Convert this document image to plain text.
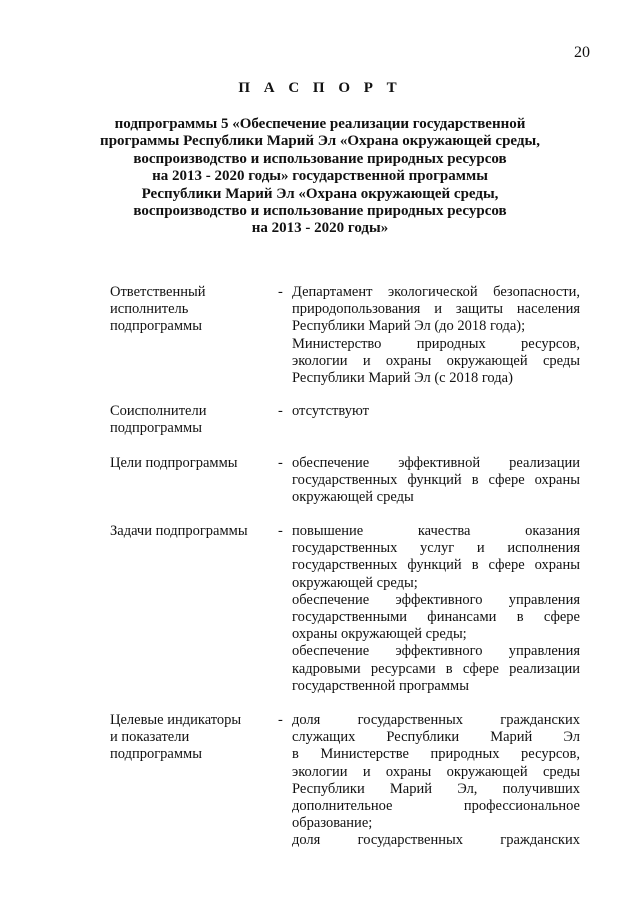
20
П А С П О Р Т
подпрограммы 5 «Обеспечение реализации государственной
программы Республики Марий Эл «Охрана окружающей среды,
воспроизводство и использование природных ресурсов
на 2013 - 2020 годы» государственной программы
Республики Марий Эл «Охрана окружающей среды,
воспроизводство и использование природных ресурсов
на 2013 - 2020 годы»
Ответственный
исполнитель
подпрограммы
- Департамент экологической безопасности,
природопользования и защиты населения
Республики Марий Эл (до 2018 года);
Министерство природных ресурсов,
экологии и охраны окружающей среды
Республики Марий Эл (с 2018 года)
Соисполнители
подпрограммы
- отсутствуют
Цели подпрограммы	- обеспечение эффективной реализации
государственных функций в сфере охраны
окружающей среды
Задачи подпрограммы	- повышение качества оказания
государственных услуг и исполнения
государственных функций в сфере охраны
окружающей среды;
обеспечение эффективного управления
государственными финансами в сфере
охраны окружающей среды;
обеспечение эффективного управления
кадровыми ресурсами в сфере реализации
государственной программы
Целевые индикаторы
и показатели
подпрограммы
- доля государственных гражданских
служащих Республики Марий Эл
в Министерстве природных ресурсов,
экологии и охраны окружающей среды
Республики Марий Эл, получивших
дополнительное профессиональное
образование;
доля государственных гражданских
